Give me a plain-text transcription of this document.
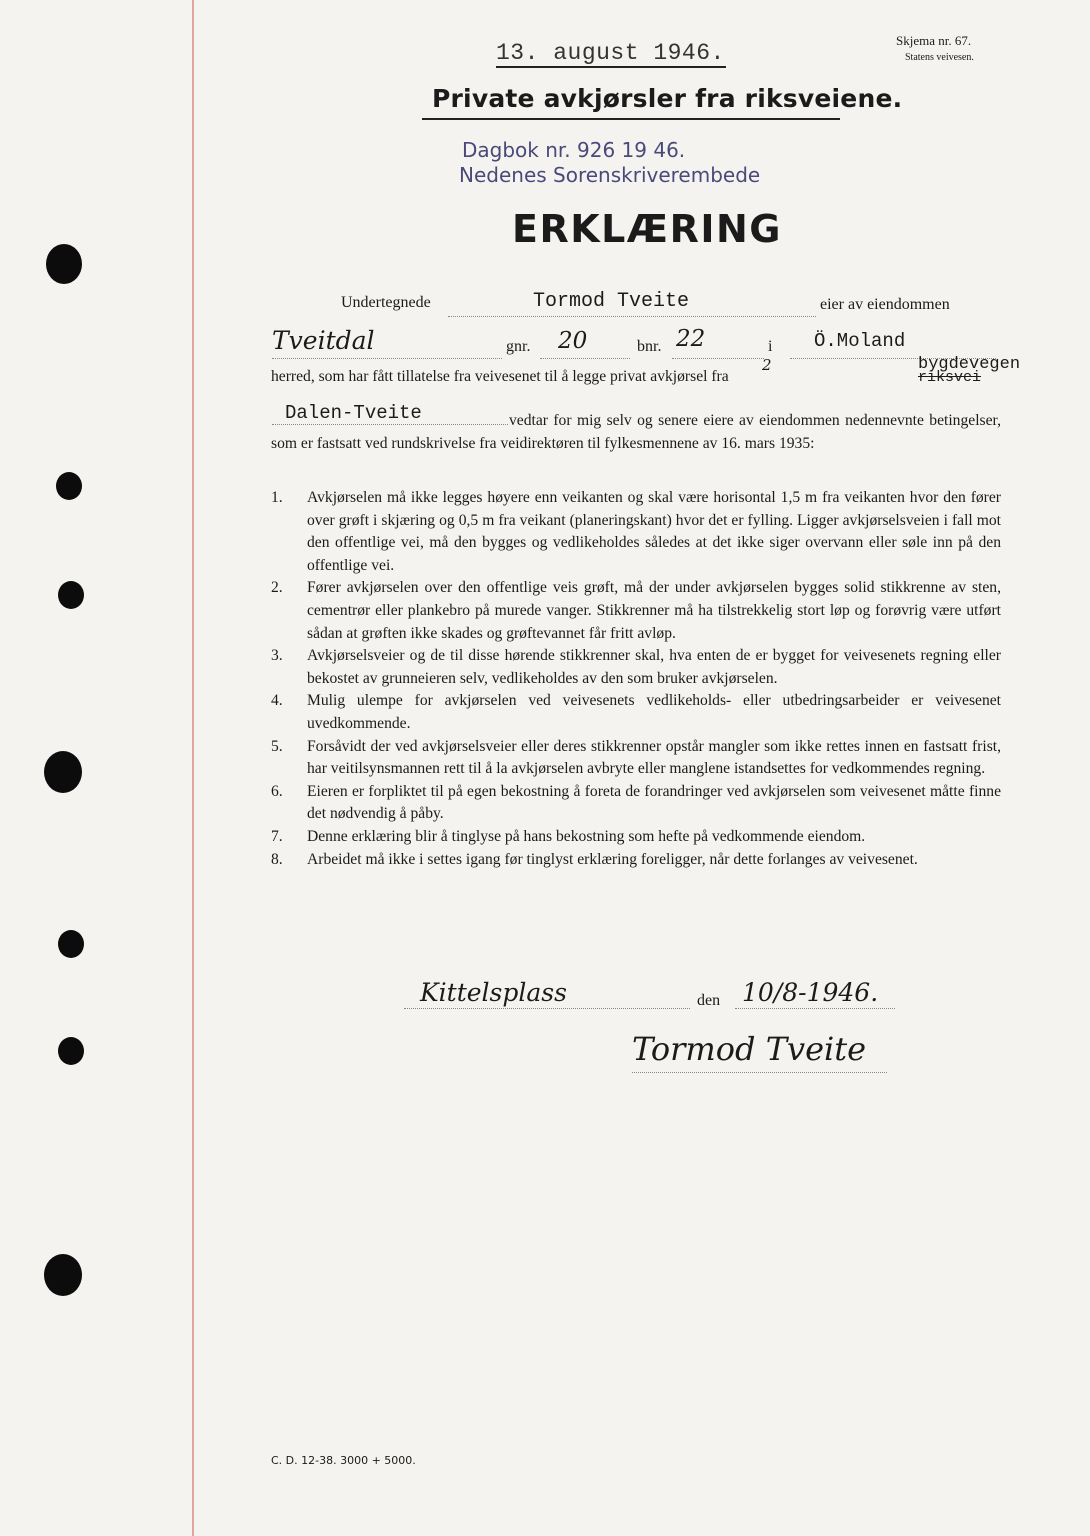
13. august 1946.	Skjema nr. 67.
Statens veivesen.
Private avkjørsler fra riksveiene.
Dagbok nr. 926 19 46.
Nedenes Sorenskriverembede
ERKLÆRING
Undertegnede	Tormod Tveite	eier av eiendommen
Tveitdal	gnr. 20	bnr. 22	i Ö.Moland
herred, som har fått tillatelse fra veivesenet til å legge privat avkjørsel fra
2	bygdevegen
riksvei
Dalen-Tveite	vedtar for mig selv og senere eiere av eiendommen nedennevnte betingelser, som er fastsatt ved rundskrivelse fra veidirektøren til fylkesmennene av 16. mars 1935:
1.	Avkjørselen må ikke legges høyere enn veikanten og skal være horisontal 1,5 m fra veikanten hvor den fører over grøft i skjæring og 0,5 m fra veikant (planeringskant) hvor det er fylling. Ligger avkjørselsveien i fall mot den offentlige vei, må den bygges og vedlikeholdes således at det ikke siger overvann eller søle inn på den offentlige vei.
2.	Fører avkjørselen over den offentlige veis grøft, må der under avkjørselen bygges solid stikkrenne av sten, cementrør eller plankebro på murede vanger. Stikkrenner må ha tilstrekkelig stort løp og forøvrig være utført sådan at grøften ikke skades og grøftevannet får fritt avløp.
3.	Avkjørselsveier og de til disse hørende stikkrenner skal, hva enten de er bygget for veivesenets regning eller bekostet av grunneieren selv, vedlikeholdes av den som bruker avkjørselen.
4.	Mulig ulempe for avkjørselen ved veivesenets vedlikeholds- eller utbedringsarbeider er veivesenet uvedkommende.
5.	Forsåvidt der ved avkjørselsveier eller deres stikkrenner opstår mangler som ikke rettes innen en fastsatt frist, har veitilsynsmannen rett til å la avkjørselen avbryte eller manglene istandsettes for vedkommendes regning.
6.	Eieren er forpliktet til på egen bekostning å foreta de forandringer ved avkjørselen som veivesenet måtte finne det nødvendig å påby.
7.	Denne erklæring blir å tinglyse på hans bekostning som hefte på vedkommende eiendom.
8.	Arbeidet må ikke i settes igang før tinglyst erklæring foreligger, når dette forlanges av veivesenet.
Kittelsplass	den 10/8-1946.
Tormod Tveite
C. D. 12-38. 3000 + 5000.
